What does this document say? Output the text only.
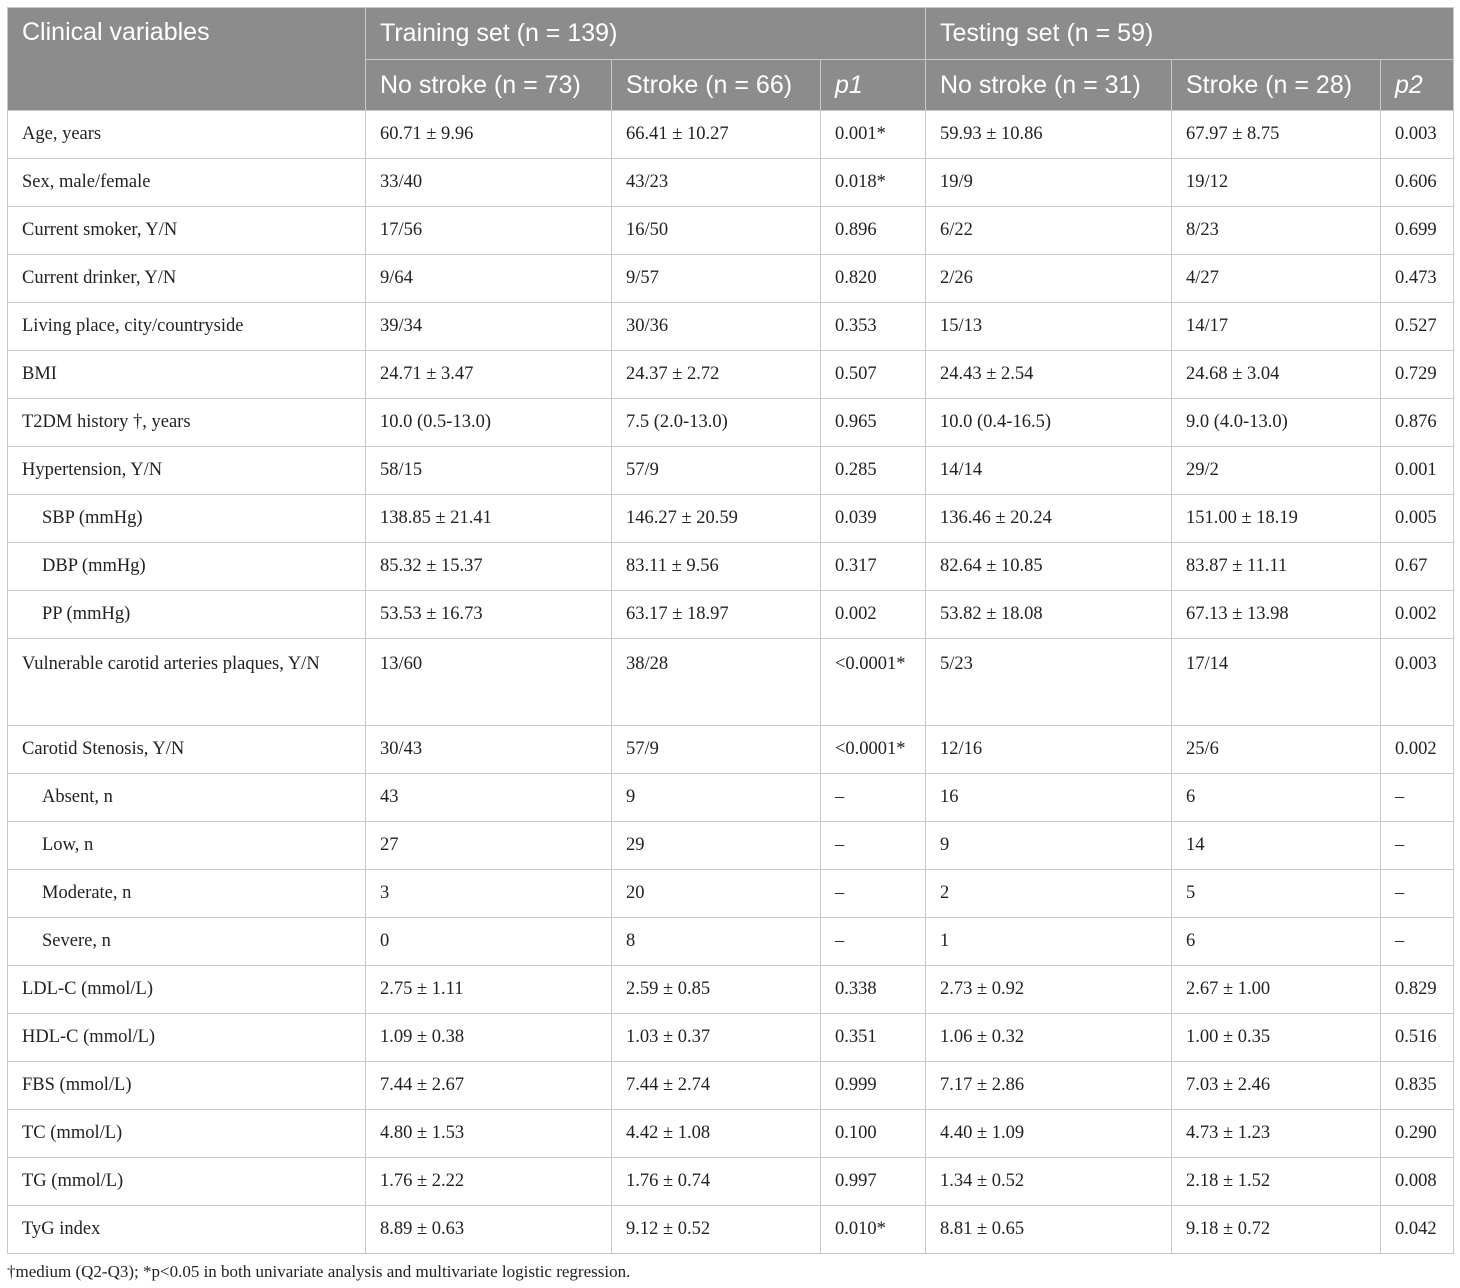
Clinical variables	Training set (n = 139)			Testing set (n = 59)		
	No stroke (n = 73)	Stroke (n = 66)	p1	No stroke (n = 31)	Stroke (n = 28)	p2
Age, years	60.71 ± 9.96	66.41 ± 10.27	0.001*	59.93 ± 10.86	67.97 ± 8.75	0.003
Sex, male/female	33/40	43/23	0.018*	19/9	19/12	0.606
Current smoker, Y/N	17/56	16/50	0.896	6/22	8/23	0.699
Current drinker, Y/N	9/64	9/57	0.820	2/26	4/27	0.473
Living place, city/countryside	39/34	30/36	0.353	15/13	14/17	0.527
BMI	24.71 ± 3.47	24.37 ± 2.72	0.507	24.43 ± 2.54	24.68 ± 3.04	0.729
T2DM history †, years	10.0 (0.5-13.0)	7.5 (2.0-13.0)	0.965	10.0 (0.4-16.5)	9.0 (4.0-13.0)	0.876
Hypertension, Y/N	58/15	57/9	0.285	14/14	29/2	0.001
SBP (mmHg)	138.85 ± 21.41	146.27 ± 20.59	0.039	136.46 ± 20.24	151.00 ± 18.19	0.005
DBP (mmHg)	85.32 ± 15.37	83.11 ± 9.56	0.317	82.64 ± 10.85	83.87 ± 11.11	0.67
PP (mmHg)	53.53 ± 16.73	63.17 ± 18.97	0.002	53.82 ± 18.08	67.13 ± 13.98	0.002
Vulnerable carotid arteries plaques, Y/N	13/60	38/28	<0.0001*	5/23	17/14	0.003
Carotid Stenosis, Y/N	30/43	57/9	<0.0001*	12/16	25/6	0.002
Absent, n	43	9	–	16	6	–
Low, n	27	29	–	9	14	–
Moderate, n	3	20	–	2	5	–
Severe, n	0	8	–	1	6	–
LDL-C (mmol/L)	2.75 ± 1.11	2.59 ± 0.85	0.338	2.73 ± 0.92	2.67 ± 1.00	0.829
HDL-C (mmol/L)	1.09 ± 0.38	1.03 ± 0.37	0.351	1.06 ± 0.32	1.00 ± 0.35	0.516
FBS (mmol/L)	7.44 ± 2.67	7.44 ± 2.74	0.999	7.17 ± 2.86	7.03 ± 2.46	0.835
TC (mmol/L)	4.80 ± 1.53	4.42 ± 1.08	0.100	4.40 ± 1.09	4.73 ± 1.23	0.290
TG (mmol/L)	1.76 ± 2.22	1.76 ± 0.74	0.997	1.34 ± 0.52	2.18 ± 1.52	0.008
TyG index	8.89 ± 0.63	9.12 ± 0.52	0.010*	8.81 ± 0.65	9.18 ± 0.72	0.042
†medium (Q2-Q3); *p<0.05 in both univariate analysis and multivariate logistic regression.
